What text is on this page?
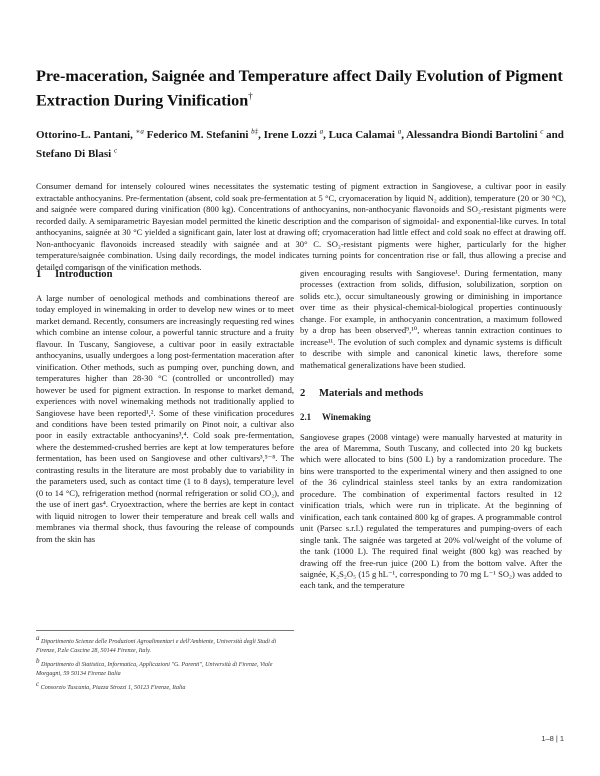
Pre-maceration, Saignée and Temperature affect Daily Evolution of Pigment Extraction During Vinification†
Ottorino-L. Pantani, $^{∗a}$ Federico M. Stefanini $^{b\ddagger}$, Irene Lozzi $^a$, Luca Calamai $^a$, Alessandra Biondi Bartolini $^c$ and Stefano Di Blasi $^c$

Consumer demand for intensely coloured wines necessitates the systematic testing of pigment extraction in Sangiovese, a cultivar poor in easily extractable anthocyanins. Pre-fermentation (absent, cold soak pre-fermentation at 5 °C, cryomaceration by liquid N₂ addition), temperature (20 or 30 °C), and saignée were compared during vinification (800 kg). Concentrations of anthocyanins, non-anthocyanic flavonoids and SO₂-resistant pigments were recorded daily. A semiparametric Bayesian model permitted the kinetic description and the comparison of sigmoidal- and exponential-like curves. In total anthocyanins, saignée at 30 °C yielded a significant gain, later lost at drawing off; cryomaceration had little effect and cold soak no effect at drawing off. Non-anthocyanic flavonoids increased steadily with saignée and at 30° C. SO₂-resistant pigments were higher, particularly for the higher temperature/saignée combination. Using daily recordings, the model indicates turning points for concentration rise or fall, thus allowing a precise and detailed comparison of the vinification methods.

1 Introduction

A large number of oenological methods and combinations thereof are today employed in winemaking in order to develop new wines or to meet market demand. Recently, consumers are increasingly requesting red wines which combine an intense colour, a powerful tannic structure and a fruity flavour. In Tuscany, Sangiovese, a cultivar poor in easily extractable anthocyanins, usually undergoes a long post-fermentation maceration after vinification. Other methods, such as pumping over, punching down, and temperatures higher than 28-30 °C (controlled or uncontrolled) may however be used for pigment extraction. In response to market demand, experiences with novel winemaking methods not traditionally applied to Sangiovese have been reported¹,². Some of these vinification procedures and conditions have been tested primarily on Pinot noir, a cultivar also poor in easily extractable anthocyanins³,⁴. Cold soak pre-fermentation, where the destemmed-crushed berries are kept at low temperatures before fermentation, has been used on Sangiovese and other cultivars³,⁵⁻⁸. The contrasting results in the literature are most probably due to variability in the parameters used, such as contact time (1 to 8 days), temperature level (0 to 14 °C), refrigeration method (normal refrigeration or solid CO₂), and the use of inert gas⁴. Cryoextraction, where the berries are kept in contact with liquid nitrogen to lower their temperature and break cell walls and membranes via thermal shock, thus favouring the release of compounds from the skin has

given encouraging results with Sangiovese¹. During fermentation, many processes (extraction from solids, diffusion, solubilization, sorption on solids etc.), occur simultaneously growing or diminishing in importance over time as their physical-chemical-biological properties continuously change. For example, in anthocyanin concentration, a maximum followed by a drop has been observed⁹,¹⁰, whereas tannin extraction continues to increase¹¹. The evolution of such complex and dynamic systems is difficult to describe with simple and canonical kinetic laws, therefore some mathematical generalizations have been studied.

2 Materials and methods
2.1 Winemaking

Sangiovese grapes (2008 vintage) were manually harvested at maturity in the area of Maremma, South Tuscany, and collected into 20 kg buckets which were allocated to bins (500 L) by a randomization procedure. The bins were transported to the experimental winery and then assigned to one of the 36 cylindrical stainless steel tanks by an extra randomization procedure. The combination of experimental factors resulted in 12 vinification trials, which were run in triplicate. At the beginning of vinification, each tank contained 800 kg of grapes. A programmable control unit (Parsec s.r.l.) regulated the temperatures and pumping-overs of each single tank. The saignée was targeted at 20% vol/weight of the volume of the tank (1000 L). The required final weight (800 kg) was reached by drawing off the free-run juice (200 L) from the bottom valve. After the saignée, K₂S₂O₅ (15 g hL⁻¹, corresponding to 70 mg L⁻¹ SO₂) was added to each tank, and the temperature

$^a$ Dipartimento Scienze delle Produzioni Agroalimentari e dell'Ambiente, Università degli Studi di Firenze, P.zle Cascine 28, 50144 Firenze, Italy.

$^b$ Dipartimento di Statistica, Informatica, Applicazioni "G. Parenti", Università di Firenze, Viale Morgagni, 59 50134 Firenze Italia

$^c$ Consorzio Tuscania, Piazza Strozzi 1, 50123 Firenze, Italia

1–8 | 1
